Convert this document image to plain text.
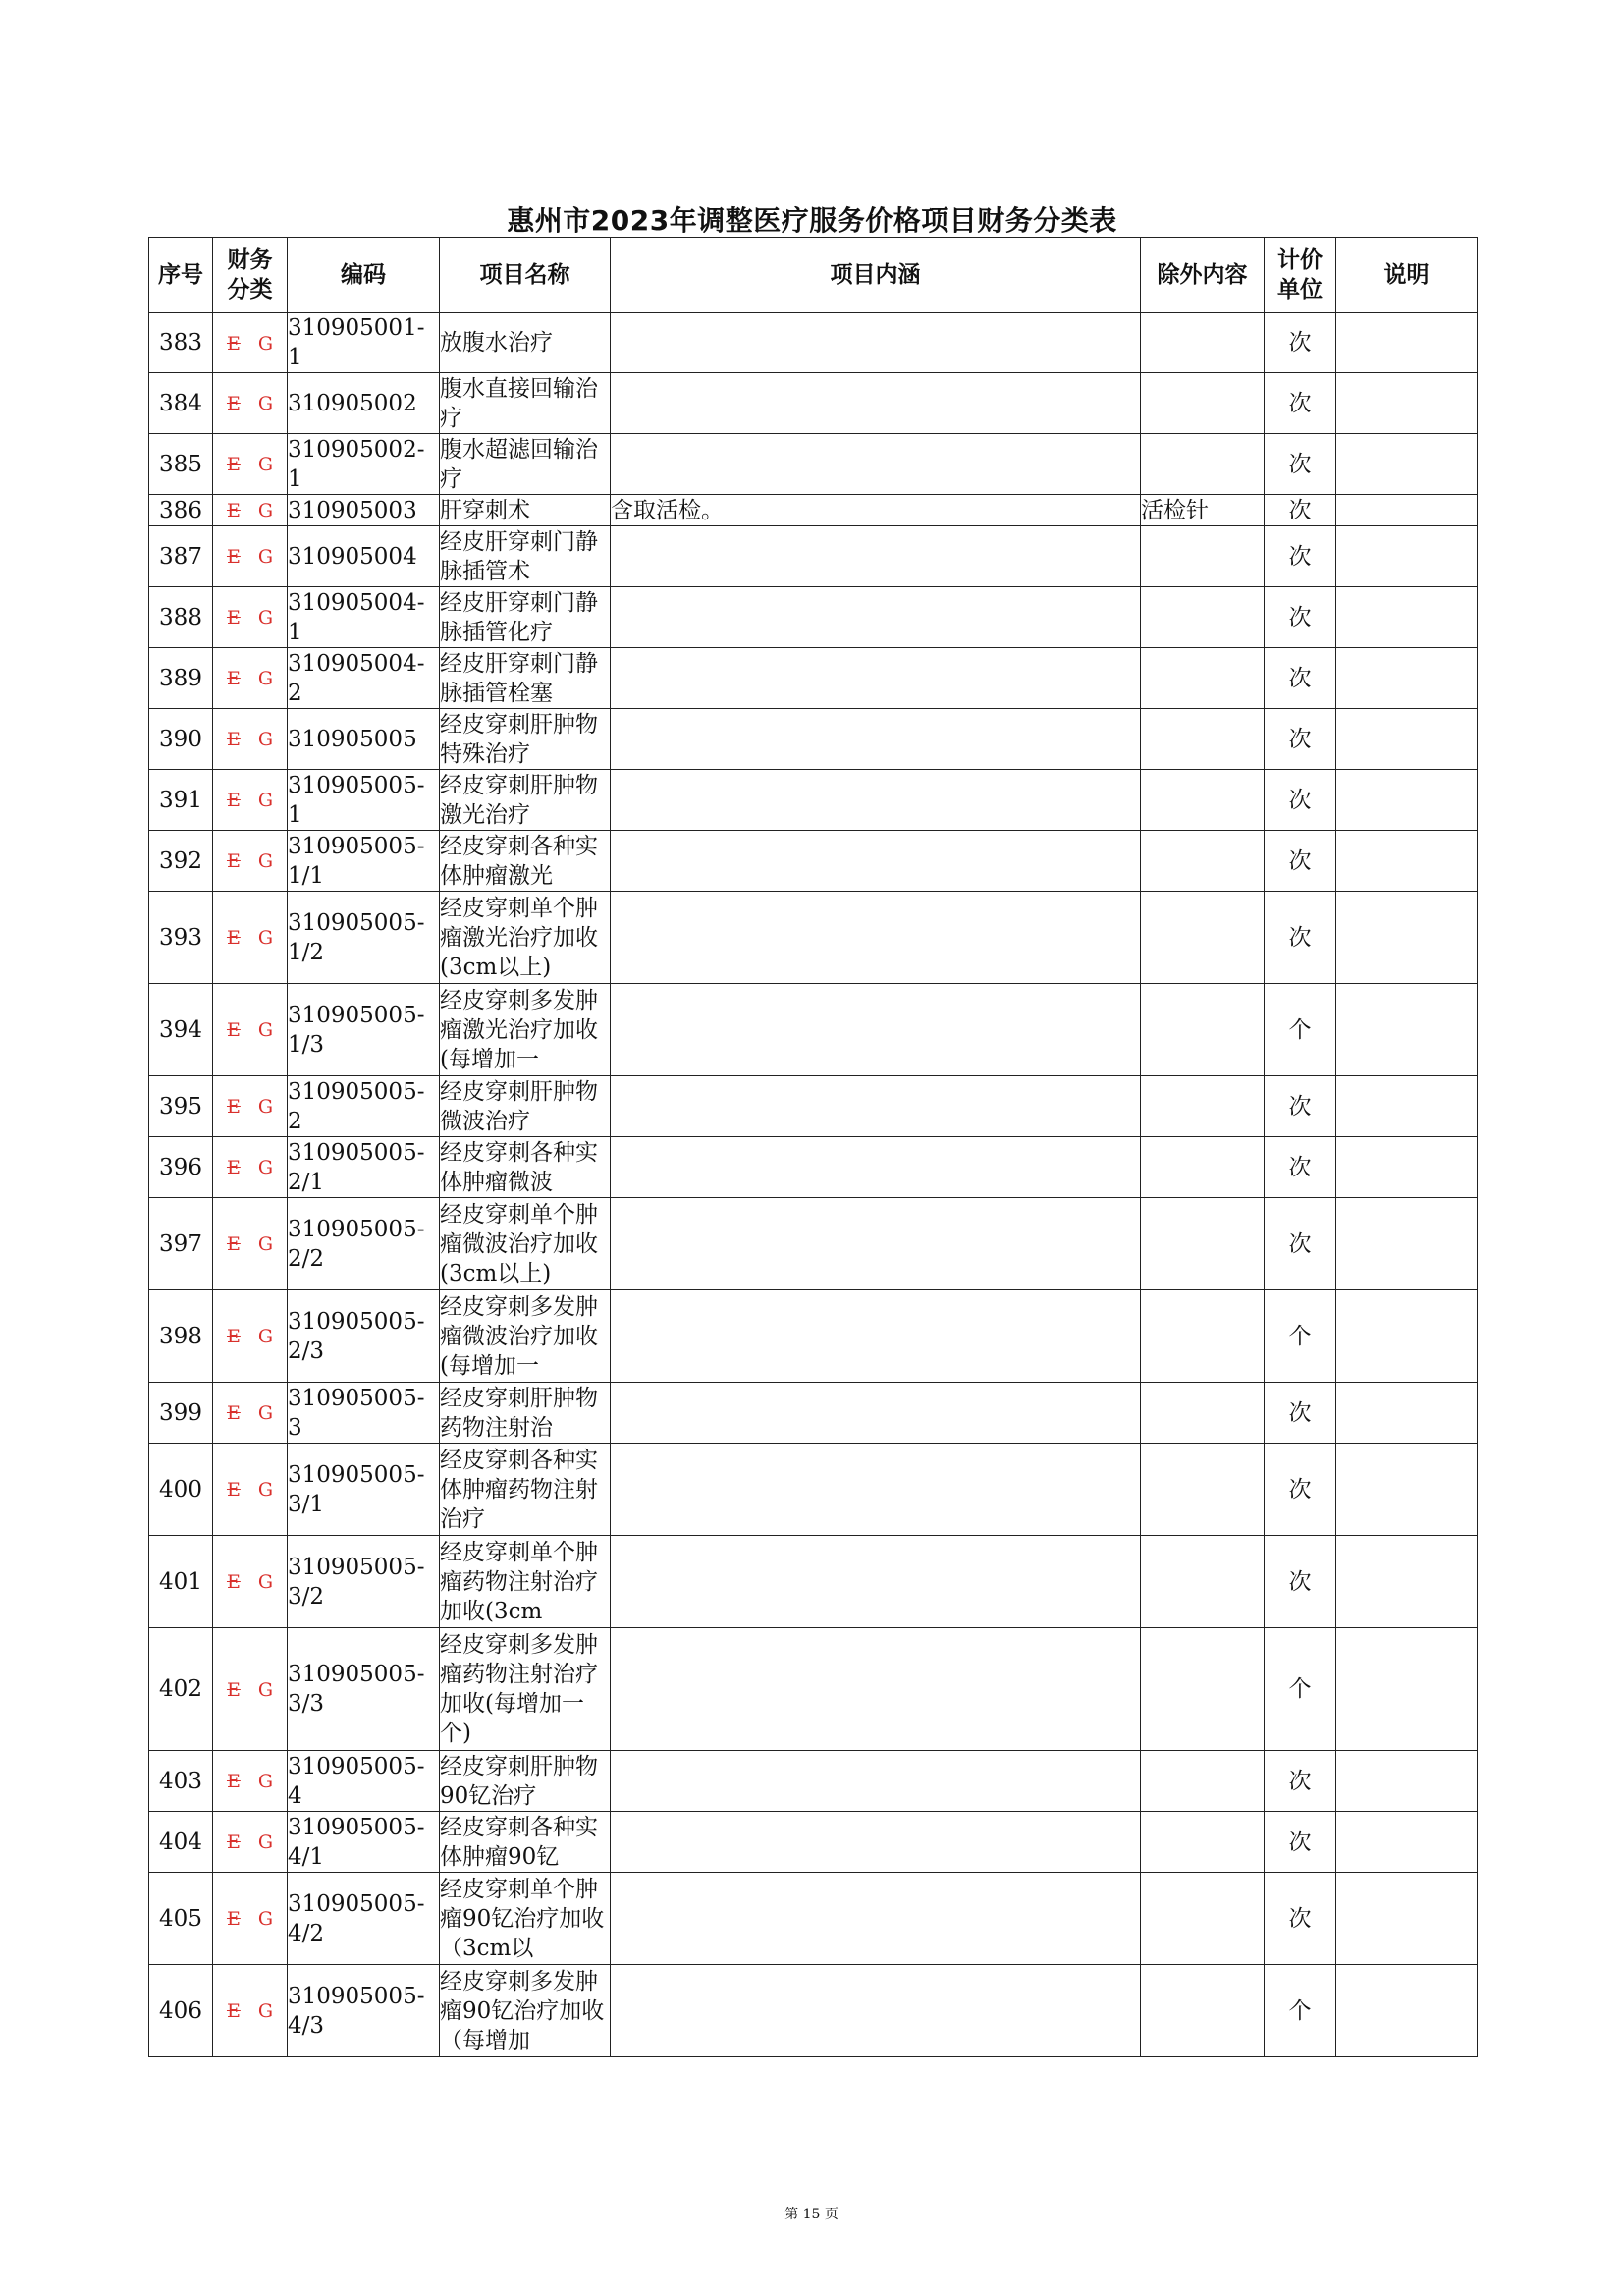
惠州市2023年调整医疗服务价格项目财务分类表
序号	财务分类	编码	项目名称	项目内涵	除外内容	计价单位	说明
383	E G	310905001-1	放腹水治疗			次	
384	E G	310905002	腹水直接回输治疗			次	
385	E G	310905002-1	腹水超滤回输治疗			次	
386	E G	310905003	肝穿刺术	含取活检。	活检针	次	
387	E G	310905004	经皮肝穿刺门静脉插管术			次	
388	E G	310905004-1	经皮肝穿刺门静脉插管化疗			次	
389	E G	310905004-2	经皮肝穿刺门静脉插管栓塞			次	
390	E G	310905005	经皮穿刺肝肿物特殊治疗			次	
391	E G	310905005-1	经皮穿刺肝肿物激光治疗			次	
392	E G	310905005-1/1	经皮穿刺各种实体肿瘤激光			次	
393	E G	310905005-1/2	经皮穿刺单个肿瘤激光治疗加收(3cm以上)			次	
394	E G	310905005-1/3	经皮穿刺多发肿瘤激光治疗加收(每增加一			个	
395	E G	310905005-2	经皮穿刺肝肿物微波治疗			次	
396	E G	310905005-2/1	经皮穿刺各种实体肿瘤微波			次	
397	E G	310905005-2/2	经皮穿刺单个肿瘤微波治疗加收(3cm以上)			次	
398	E G	310905005-2/3	经皮穿刺多发肿瘤微波治疗加收(每增加一			个	
399	E G	310905005-3	经皮穿刺肝肿物药物注射治			次	
400	E G	310905005-3/1	经皮穿刺各种实体肿瘤药物注射治疗			次	
401	E G	310905005-3/2	经皮穿刺单个肿瘤药物注射治疗加收(3cm			次	
402	E G	310905005-3/3	经皮穿刺多发肿瘤药物注射治疗加收(每增加一个)			个	
403	E G	310905005-4	经皮穿刺肝肿物90钇治疗			次	
404	E G	310905005-4/1	经皮穿刺各种实体肿瘤90钇			次	
405	E G	310905005-4/2	经皮穿刺单个肿瘤90钇治疗加收（3cm以			次	
406	E G	310905005-4/3	经皮穿刺多发肿瘤90钇治疗加收（每增加			个	
第 15 页
